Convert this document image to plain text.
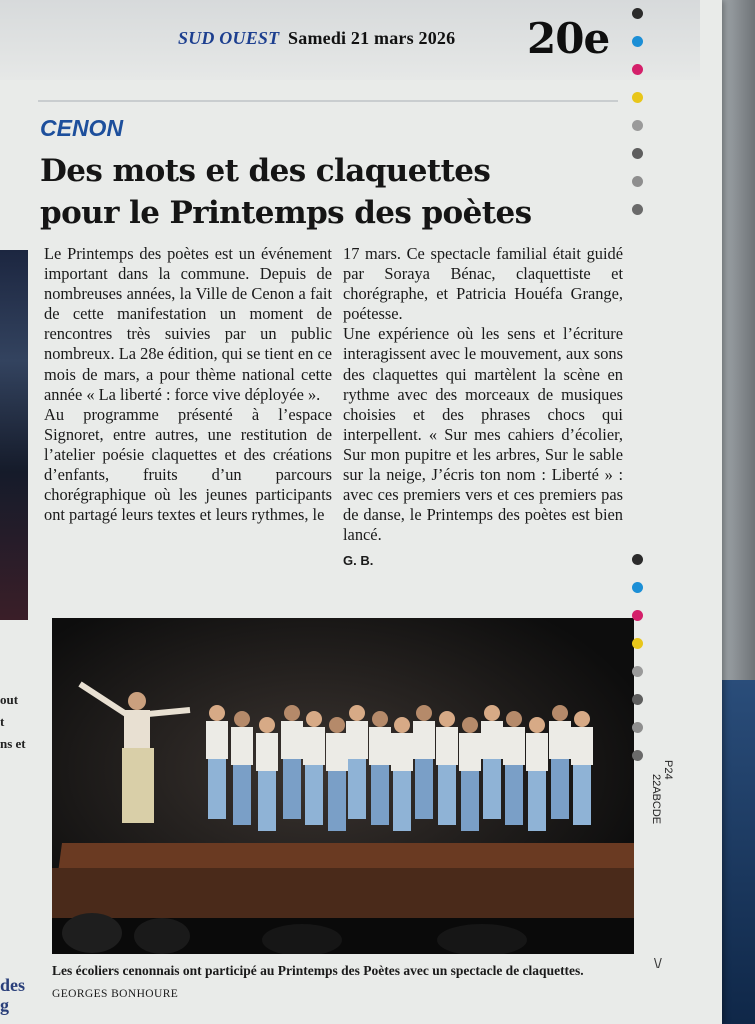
SUD OUEST Samedi 21 mars 2026 20e
CENON
Des mots et des claquettes
pour le Printemps des poètes

Le Printemps des poètes est un événement important dans la commune. Depuis de nombreuses années, la Ville de Cenon a fait de cette manifestation un moment de rencontres très suivies par un public nombreux. La 28e édition, qui se tient en ce mois de mars, a pour thème national cette année « La liberté : force vive déployée ».

Au programme présenté à l’espace Signoret, entre autres, une restitution de l’atelier poésie claquettes et des créations d’enfants, fruits d’un parcours chorégraphique où les jeunes participants ont partagé leurs textes et leurs rythmes, le

17 mars. Ce spectacle familial était guidé par Soraya Bénac, claquettiste et chorégraphe, et Patricia Houéfa Grange, poétesse.

Une expérience où les sens et l’écriture interagissent avec le mouvement, aux sons des claquettes qui martèlent la scène en rythme avec des morceaux de musiques choisies et des phrases chocs qui interpellent. « Sur mes cahiers d’écolier, Sur mon pupitre et les arbres, Sur le sable sur la neige, J’écris ton nom : Liberté » : avec ces premiers vers et ces premiers pas de danse, le Printemps des poètes est bien lancé.

G. B.
Les écoliers cenonnais ont participé au Printemps des Poètes avec un spectacle de claquettes. GEORGES BONHOURE
out
t
ns et
des
g
P24
22ABCDE
\/
